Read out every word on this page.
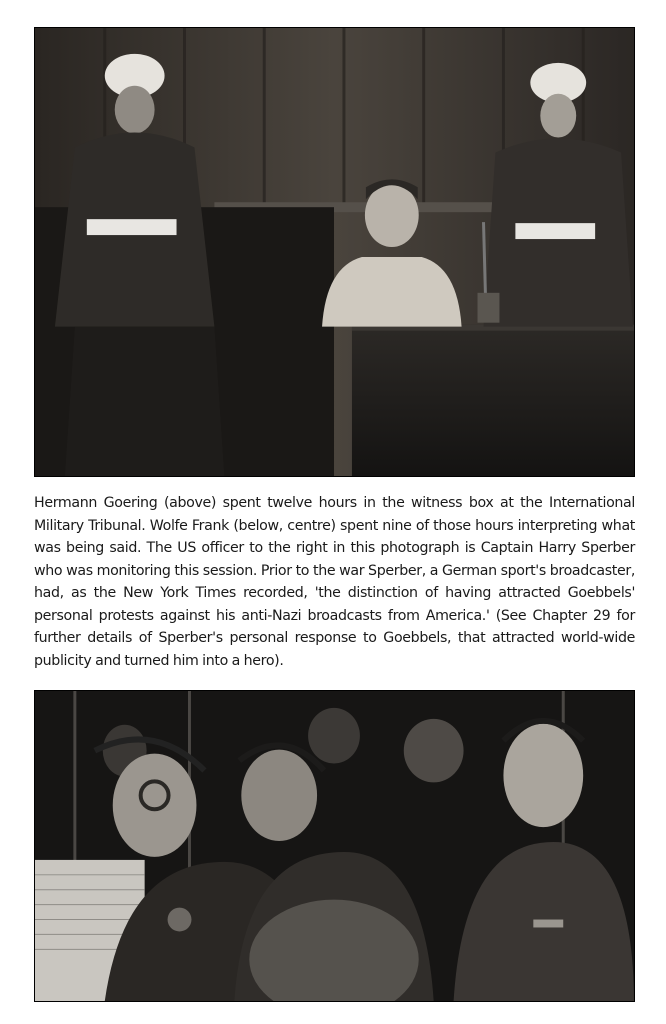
Hermann Goering (above) spent twelve hours in the witness box at the International Military Tribunal. Wolfe Frank (below, centre) spent nine of those hours interpreting what was being said. The US officer to the right in this photograph is Captain Harry Sperber who was monitoring this session. Prior to the war Sperber, a German sport's broadcaster, had, as the New York Times recorded, 'the distinction of having attracted Goebbels' personal protests against his anti-Nazi broadcasts from America.' (See Chapter 29 for further details of Sperber's personal response to Goebbels, that attracted world-wide publicity and turned him into a hero).
